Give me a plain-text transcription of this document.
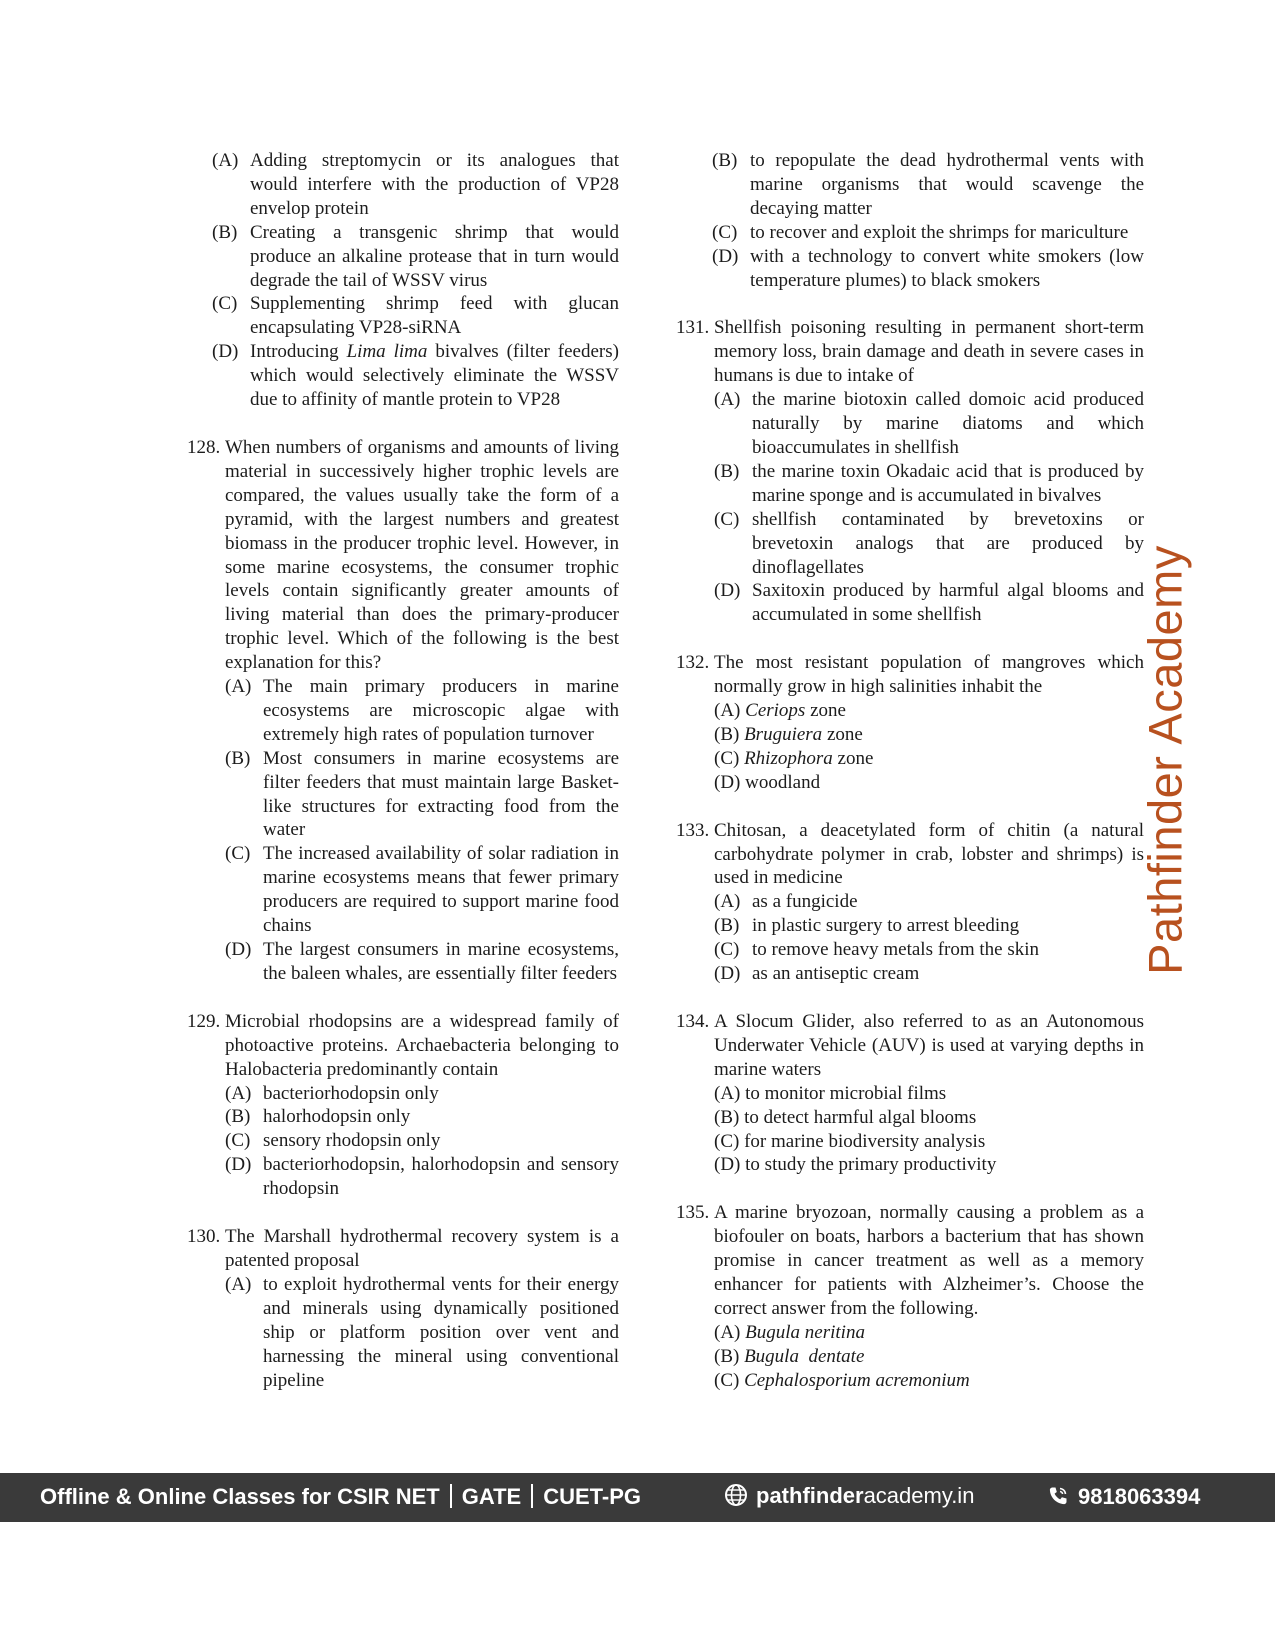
(A) Adding streptomycin or its analogues that would interfere with the production of VP28 envelop protein
(B) Creating a transgenic shrimp that would produce an alkaline protease that in turn would degrade the tail of WSSV virus
(C) Supplementing shrimp feed with glucan encapsulating VP28-siRNA
(D) Introducing Lima lima bivalves (filter feeders) which would selectively eliminate the WSSV due to affinity of mantle protein to VP28
128. When numbers of organisms and amounts of living material in successively higher trophic levels are compared, the values usually take the form of a pyramid, with the largest numbers and greatest biomass in the producer trophic level. However, in some marine ecosystems, the consumer trophic levels contain significantly greater amounts of living material than does the primary-producer trophic level. Which of the following is the best explanation for this?
(A) The main primary producers in marine ecosystems are microscopic algae with extremely high rates of population turnover
(B) Most consumers in marine ecosystems are filter feeders that must maintain large Basket-like structures for extracting food from the water
(C) The increased availability of solar radiation in marine ecosystems means that fewer primary producers are required to support marine food chains
(D) The largest consumers in marine ecosystems, the baleen whales, are essentially filter feeders
129. Microbial rhodopsins are a widespread family of photoactive proteins. Archaebacteria belonging to Halobacteria predominantly contain
(A) bacteriorhodopsin only
(B) halorhodopsin only
(C) sensory rhodopsin only
(D) bacteriorhodopsin, halorhodopsin and sensory rhodopsin
130. The Marshall hydrothermal recovery system is a patented proposal
(A) to exploit hydrothermal vents for their energy and minerals using dynamically positioned ship or platform position over vent and harnessing the mineral using conventional pipeline
(B) to repopulate the dead hydrothermal vents with marine organisms that would scavenge the decaying matter
(C) to recover and exploit the shrimps for mariculture
(D) with a technology to convert white smokers (low temperature plumes) to black smokers
131. Shellfish poisoning resulting in permanent short-term memory loss, brain damage and death in severe cases in humans is due to intake of
(A) the marine biotoxin called domoic acid produced naturally by marine diatoms and which bioaccumulates in shellfish
(B) the marine toxin Okadaic acid that is produced by marine sponge and is accumulated in bivalves
(C) shellfish contaminated by brevetoxins or brevetoxin analogs that are produced by dinoflagellates
(D) Saxitoxin produced by harmful algal blooms and accumulated in some shellfish
132. The most resistant population of mangroves which normally grow in high salinities inhabit the
(A) Ceriops zone
(B) Bruguiera zone
(C) Rhizophora zone
(D) woodland
133. Chitosan, a deacetylated form of chitin (a natural carbohydrate polymer in crab, lobster and shrimps) is used in medicine
(A) as a fungicide
(B) in plastic surgery to arrest bleeding
(C) to remove heavy metals from the skin
(D) as an antiseptic cream
134. A Slocum Glider, also referred to as an Autonomous Underwater Vehicle (AUV) is used at varying depths in marine waters
(A) to monitor microbial films
(B) to detect harmful algal blooms
(C) for marine biodiversity analysis
(D) to study the primary productivity
135. A marine bryozoan, normally causing a problem as a biofouler on boats, harbors a bacterium that has shown promise in cancer treatment as well as a memory enhancer for patients with Alzheimer’s. Choose the correct answer from the following.
(A) Bugula neritina
(B) Bugula  dentate
(C) Cephalosporium acremonium
Pathfinder Academy
Offline & Online Classes for CSIR NET GATE CUET-PG	pathfinderacademy.in	9818063394
